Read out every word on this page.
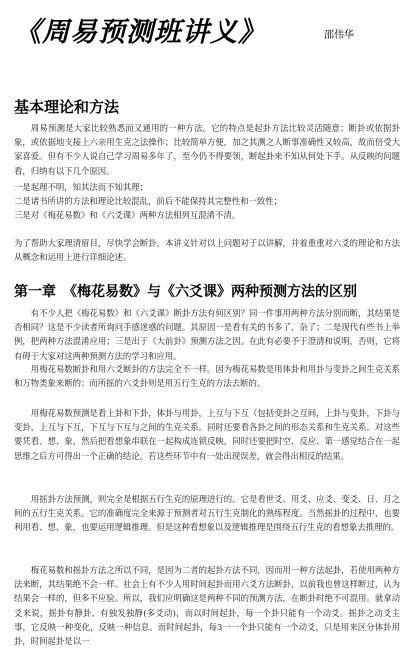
《周易预测班讲义》	邵伟华
基本理论和方法

周易预测是大家比较熟悉而又通用的一种方法。它的特点是起卦方法比较灵活随意；断卦或依据卦象，或依据地支接上六亲用生克之法操作；比较简单方便，加之其测之人断事准确性又较高，故而倍受大家喜爱。但有不少人说自己学习周易多年了，至今仍不得要领，断起卦来不知从何处下手。从反映的问题看，归纳有以下几个原因。

一是起理不明，知其法而不知其理；

二是诸书所讲的方法和理论比较混乱，前后不能保持其完整性和一致性；

三是对《梅花易数》和《六爻课》两种方法相列互混淆不清。

为了帮助大家理清眉目，尽快学会断卦，本讲义针对以上问题对于以讲解，并着重重对六爻的理论和方法从概念和运用上进行详细论述。

第一章　《梅花易数》与《六爻课》两种预测方法的区别

有不少人把《梅花易数》和《六爻课》断卦方法有何区别？同一件事用两种方法分别而断，其结果是否相同？这是不少读者所询问手感迷惑的问题。其原因一是看有关的书多了，杂了；二是现代有些书上举例，把两种方法混淆应用；三是出于《大前卦》预测方法之因。在此有必要予于澄清和说明，否则，它将有碍于大家对这两种预测方法的学习和应用。

用梅花易数断卦和用六爻断卦的方法完全不一样。因为梅花易数是用体卦和用卦与变卦之间生克关系和万物类象来断的；而所摇的六爻卦则是用五行生克的方法去断的。

用梅花易数预测是看上卦和下卦，体卦与用卦，上互与下互（包括变卦之互间，上卦与变卦，下卦与变卦，上互与下互，下互与下互与之间的生克关系。同时还要看各卦之间的形态关系和生克关系。对这些要凭看、想、象，然后把看想象串联在一起构成连锁反映，同时还要把时空、反应、第一感觉结合在一起思维之后方可得出一个正确的结论。若这些环节中有一处出现误差，就会得出相反的结果。

用摇卦方法预测，则完全是根据五行生克的原理进行的。它是看世爻、用爻、应爻、变爻、日、月之间的五行生克关系。它的准确度完全来源于预测者对五行生克制化的熟练程度。当然摇卦的过程中，也要利用看、想、象，也要运用逻辑推理。但是这种看想象以及逻辑推理是围绕五行生克的看想象去推理的。

梅花易数和摇卦方法之所以不同，是因为二者的起卦方法不同，因而用一种方法起卦，若使用两种方法来断，其结果绝不会一样。社会上有不少人用时间起卦而用六爻方法断卦，以前我也曾这样断过，认为结果会一样的，但多不应验。所以，我们应明确这是两种不同的预测方法，在断卦时绝不可混用。就拿动爻来说，摇卦有静卦、有独发独静(多爻动)，而以时间起卦，每一个卦只能有一个动爻。摇卦之动爻主事，它反映一种变化，反映一种信息。而时间起卦，每3一一个卦只能有一个动爻，只是用来区分体卦用卦，时间起卦是以一
